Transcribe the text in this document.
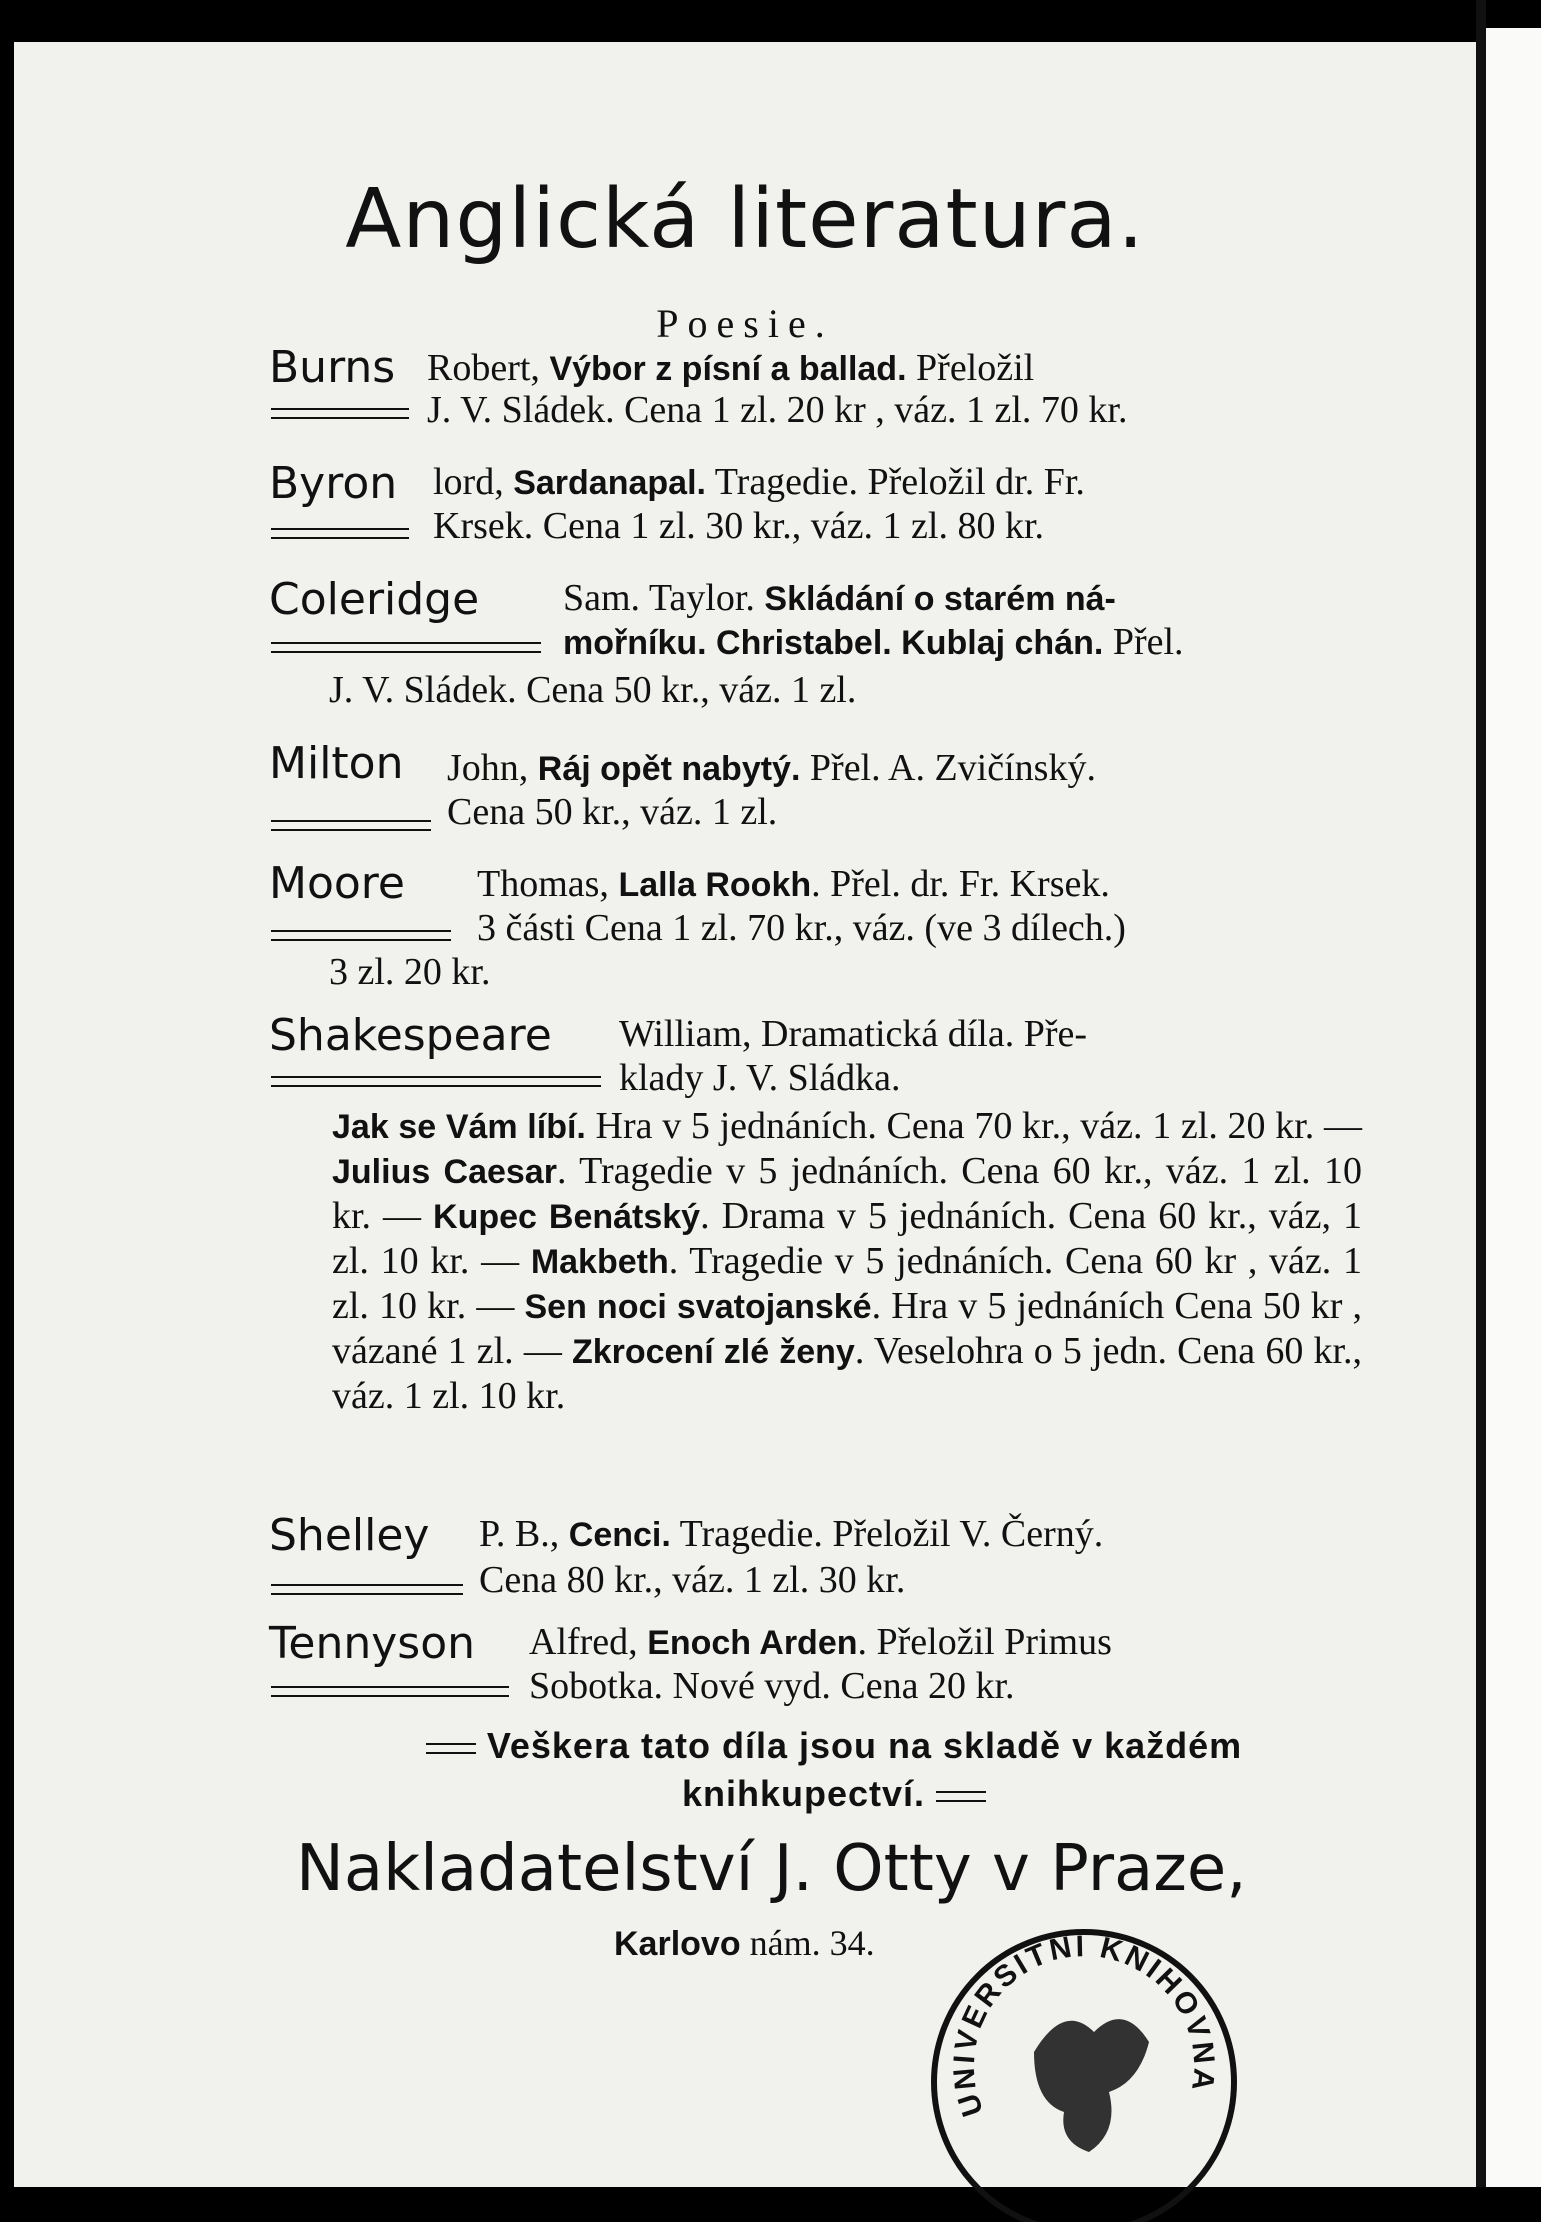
Anglická literatura.
Poesie.
Burns Robert, Výbor z písní a ballad. Přeložil
J. V. Sládek. Cena 1 zl. 20 kr , váz. 1 zl. 70 kr.
Byron lord, Sardanapal. Tragedie. Přeložil dr. Fr.
Krsek. Cena 1 zl. 30 kr., váz. 1 zl. 80 kr.
Coleridge Sam. Taylor. Skládání o starém ná-
mořníku. Christabel. Kublaj chán. Přel.
J. V. Sládek. Cena 50 kr., váz. 1 zl.
Milton John, Ráj opět nabytý. Přel. A. Zvičínský.
Cena 50 kr., váz. 1 zl.
Moore Thomas, Lalla Rookh. Přel. dr. Fr. Krsek.
3 části Cena 1 zl. 70 kr., váz. (ve 3 dílech.)
3 zl. 20 kr.
Shakespeare William, Dramatická díla. Pře-
klady J. V. Sládka.
Jak se Vám líbí. Hra v 5 jednáních. Cena 70 kr., váz. 1 zl. 20 kr. — Julius Caesar. Tragedie v 5 jednáních. Cena 60 kr., váz. 1 zl. 10 kr. — Kupec Benátský. Drama v 5 jednáních. Cena 60 kr., váz, 1 zl. 10 kr. — Makbeth. Tragedie v 5 jednáních. Cena 60 kr , váz. 1 zl. 10 kr. — Sen noci svatojanské. Hra v 5 jednáních Cena 50 kr , vázané 1 zl. — Zkrocení zlé ženy. Veselohra o 5 jedn. Cena 60 kr., váz. 1 zl. 10 kr.
Shelley P. B., Cenci. Tragedie. Přeložil V. Černý.
Cena 80 kr., váz. 1 zl. 30 kr.
Tennyson Alfred, Enoch Arden. Přeložil Primus
Sobotka. Nové vyd. Cena 20 kr.
Veškera tato díla jsou na skladě v každém knihkupectví.
Nakladatelství J. Otty v Praze,
Karlovo nám. 34.
UNIVERSITNÍ KNIHOVNA
